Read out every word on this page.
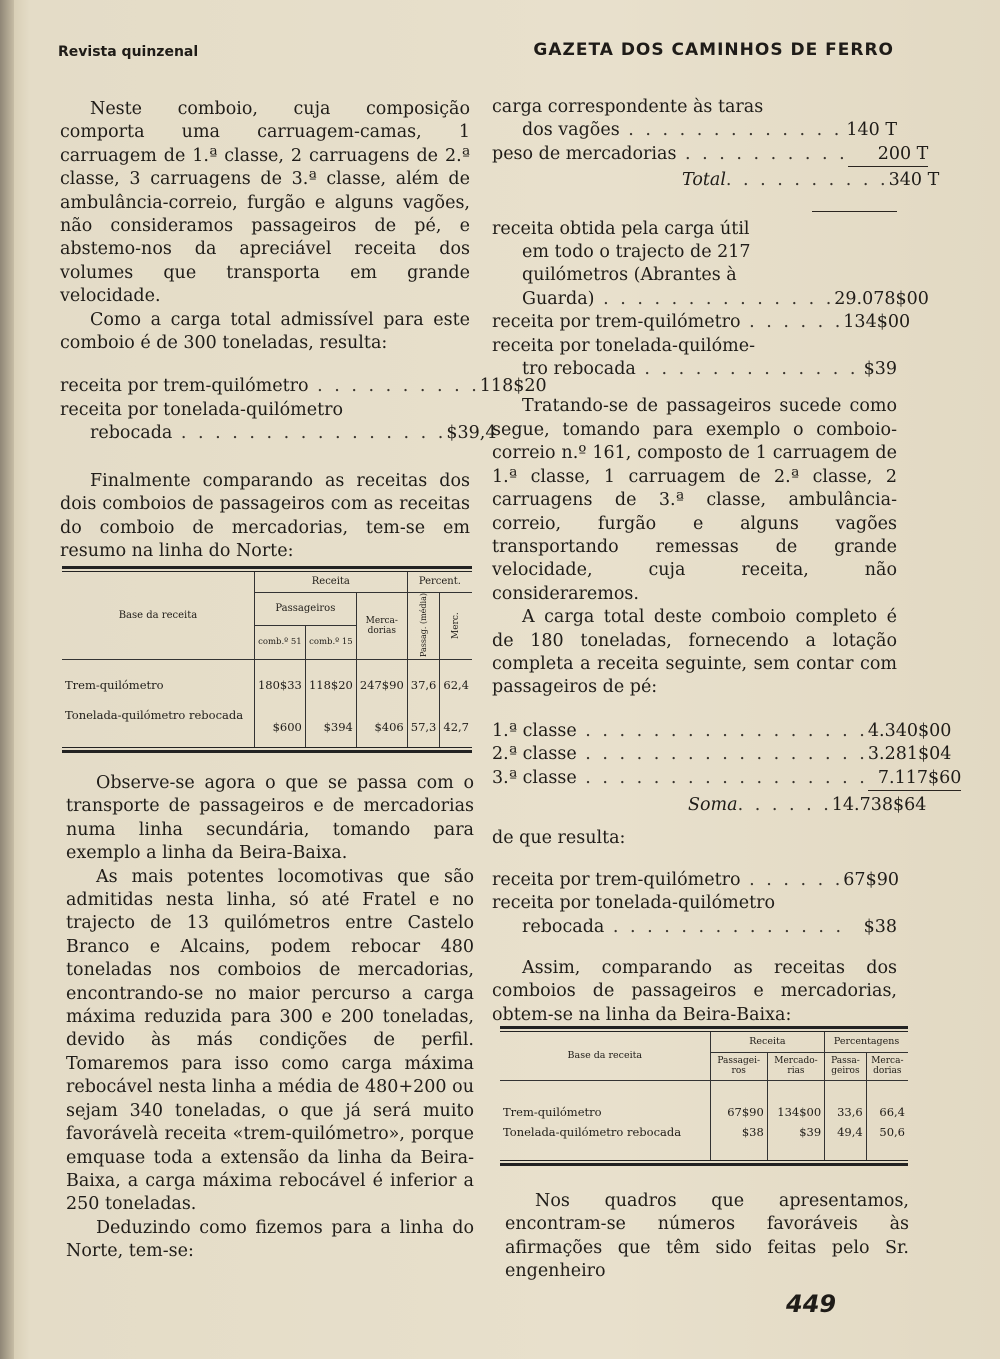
Revista quinzenal	GAZETA DOS CAMINHOS DE FERRO

Neste comboio, cuja composição comporta uma carruagem-camas, 1 carruagem de 1.ª classe, 2 carruagens de 2.ª classe, 3 carruagens de 3.ª classe, além de ambulância-correio, furgão e alguns vagões, não consideramos passageiros de pé, e abstemo-nos da apreciável receita dos volumes que transporta em grande velocidade.

Como a carga total admissível para este comboio é de 300 toneladas, resulta:

receita por trem-quilómetro . . . . . . . . . . 118$20
receita por tonelada-quilómetro
rebocada . . . . . . . . . . . . . . . . $39,4

Finalmente comparando as receitas dos dois comboios de passageiros com as receitas do comboio de mercadorias, tem-se em resumo na linha do Norte:

Base da receita	Receita			Percent.	
	Passageiros		Merca-dorias	Passag. (média)	Merc.
	comb.º 51	comb.º 15			

Trem-quilómetro	180$33	118$20	247$90	37,6	62,4
Tonelada-quilómetro rebocada	$600	$394	$406	57,3	42,7

Observe-se agora o que se passa com o transporte de passageiros e de mercadorias numa linha secundária, tomando para exemplo a linha da Beira-Baixa.

As mais potentes locomotivas que são admitidas nesta linha, só até Fratel e no trajecto de 13 quilómetros entre Castelo Branco e Alcains, podem rebocar 480 toneladas nos comboios de mercadorias, encontrando-se no maior percurso a carga máxima reduzida para 300 e 200 toneladas, devido às más condições de perfil. Tomaremos para isso como carga máxima rebocável nesta linha a média de 480+200 ou sejam 340 toneladas, o que já será muito favorávelà receita «trem-quilómetro», porque emquase toda a extensão da linha da Beira-Baixa, a carga máxima rebocável é inferior a 250 toneladas.

Deduzindo como fizemos para a linha do Norte, tem-se:

carga correspondente às taras
dos vagões . . . . . . . . . . . . . 140 T
peso de mercadorias . . . . . . . . . .	200 T
Total . . . . . . . . . . 340 T
receita obtida pela carga útil
em todo o trajecto de 217
quilómetros (Abrantes à
Guarda) . . . . . . . . . . . . . . 29.078$00
receita por trem-quilómetro . . . . . . 134$00
receita por tonelada-quilóme-
tro rebocada . . . . . . . . . . . . . $39

Tratando-se de passageiros sucede como segue, tomando para exemplo o comboio-correio n.º 161, composto de 1 carruagem de 1.ª classe, 1 carruagem de 2.ª classe, 2 carruagens de 3.ª classe, ambulância-correio, furgão e alguns vagões transportando remessas de grande velocidade, cuja receita, não consideraremos.

A carga total deste comboio completo é de 180 toneladas, fornecendo a lotação completa a receita seguinte, sem contar com passageiros de pé:

1.ª classe . . . . . . . . . . . . . . . . . 4.340$00
2.ª classe . . . . . . . . . . . . . . . . . 3.281$04
3.ª classe . . . . . . . . . . . . . . . . . 7.117$60
Soma . . . . . . 14.738$64

de que resulta:

receita por trem-quilómetro . . . . . . 67$90
receita por tonelada-quilómetro
rebocada . . . . . . . . . . . . . .	$38

Assim, comparando as receitas dos comboios de passageiros e mercadorias, obtem-se na linha da Beira-Baixa:

Base da receita	Receita		Percentagens	
	Passagei-ros	Mercado-rias	Passa-geiros	Merca-dorias

Trem-quilómetro	67$90	134$00	33,6	66,4
Tonelada-quilómetro rebocada	$38	$39	49,4	50,6

Nos quadros que apresentamos, encontram-se números favoráveis às afirmações que têm sido feitas pelo Sr. engenheiro

449
